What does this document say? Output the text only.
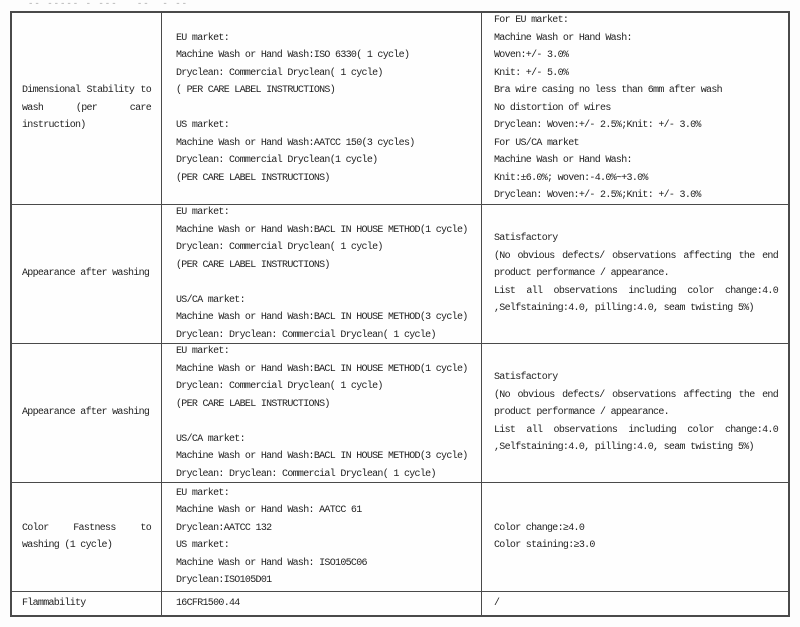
-- ----- - ---   --  - --
Dimensional Stability to wash (per care instruction)
EU market:
Machine Wash or Hand Wash:ISO 6330( 1 cycle)
Dryclean: Commercial Dryclean( 1 cycle)
( PER CARE LABEL INSTRUCTIONS)
US market:
Machine Wash or Hand Wash:AATCC 150(3 cycles)
Dryclean: Commercial Dryclean(1 cycle)
(PER CARE LABEL INSTRUCTIONS)
For EU market:
Machine Wash or Hand Wash:
Woven:+/- 3.0%
Knit: +/- 5.0%
Bra wire casing no less than 6mm after wash
No distortion of wires
Dryclean: Woven:+/- 2.5%;Knit: +/- 3.0%
For US/CA market
Machine Wash or Hand Wash:
Knit:±6.0%; woven:-4.0%~+3.0%
Dryclean: Woven:+/- 2.5%;Knit: +/- 3.0%
Appearance after washing
EU market:
Machine Wash or Hand Wash:BACL IN HOUSE METHOD(1 cycle)
Dryclean: Commercial Dryclean( 1 cycle)
(PER CARE LABEL INSTRUCTIONS)
US/CA market:
Machine Wash or Hand Wash:BACL IN HOUSE METHOD(3 cycle)
Dryclean: Dryclean: Commercial Dryclean( 1 cycle)
Satisfactory
(No obvious defects/ observations affecting the end product performance / appearance.
List all observations including color change:4.0 ,Selfstaining:4.0, pilling:4.0, seam twisting 5%)
Appearance after washing
EU market:
Machine Wash or Hand Wash:BACL IN HOUSE METHOD(1 cycle)
Dryclean: Commercial Dryclean( 1 cycle)
(PER CARE LABEL INSTRUCTIONS)
US/CA market:
Machine Wash or Hand Wash:BACL IN HOUSE METHOD(3 cycle)
Dryclean: Dryclean: Commercial Dryclean( 1 cycle)
Satisfactory
(No obvious defects/ observations affecting the end product performance / appearance.
List all observations including color change:4.0 ,Selfstaining:4.0, pilling:4.0, seam twisting 5%)
Color Fastness to washing (1 cycle)
EU market:
Machine Wash or Hand Wash: AATCC 61
Dryclean:AATCC 132
US market:
Machine Wash or Hand Wash: ISO105C06
Dryclean:ISO105D01
Color change:≥4.0
Color staining:≥3.0
Flammability	16CFR1500.44	/
